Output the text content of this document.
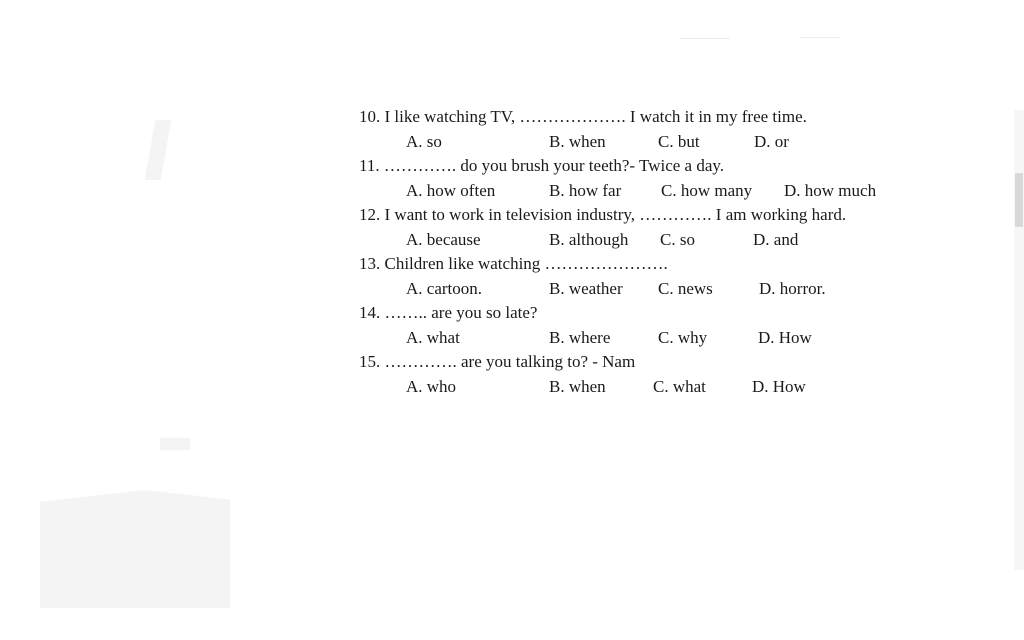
10. I like watching TV, ………………. I watch it in my free time.
A. so	B. when	C. but	D. or
11. …………. do you brush your teeth?- Twice a day.
A. how often	B. how far C. how many D. how much
12. I want to work in television industry, …………. I am working hard.
A. because	B. although C. so	D. and
13. Children like watching ………………….
A. cartoon.	B. weather C. news	D. horror.
14. …….. are you so late?
A. what	B. where	C. why	D. How
15. …………. are you talking to? - Nam
A. who	B. when	C. what	D. How
